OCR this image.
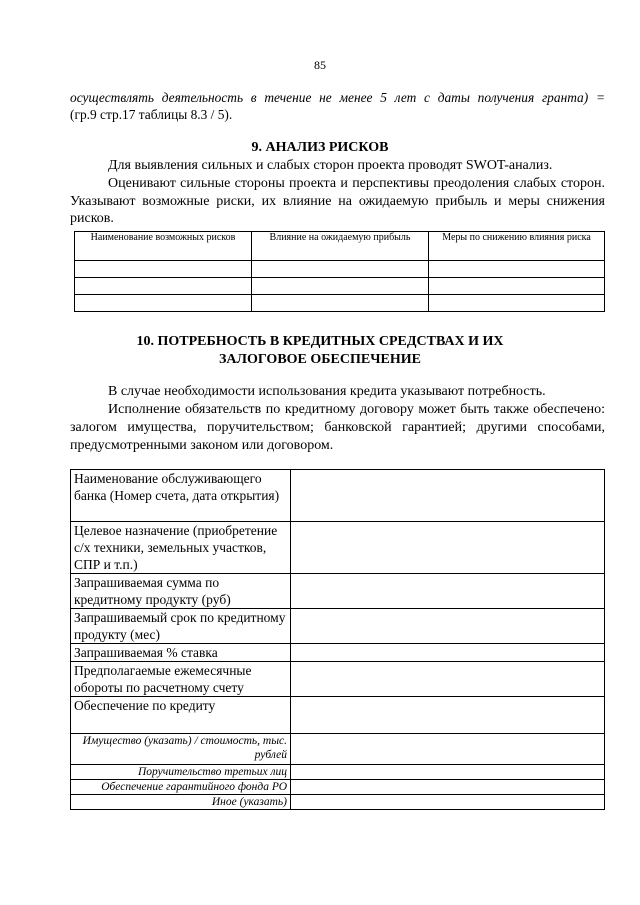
85
осуществлять деятельность в течение не менее 5 лет с даты получения гранта) =
(гр.9 стр.17 таблицы 8.3 / 5).
9. АНАЛИЗ РИСКОВ
Для выявления сильных и слабых сторон проекта проводят SWOT-анализ.
Оценивают сильные стороны проекта и перспективы преодоления слабых сторон. Указывают возможные риски, их влияние на ожидаемую прибыль и меры снижения рисков.
Наименование возможных рисков	Влияние на ожидаемую прибыль	Меры по снижению влияния риска

10. ПОТРЕБНОСТЬ В КРЕДИТНЫХ СРЕДСТВАХ И ИХ
ЗАЛОГОВОЕ ОБЕСПЕЧЕНИЕ
В случае необходимости использования кредита указывают потребность.
Исполнение обязательств по кредитному договору может быть также обеспечено: залогом имущества, поручительством; банковской гарантией; другими способами, предусмотренными законом или договором.
Наименование обслуживающего банка (Номер счета, дата открытия)	
Целевое назначение (приобретение с/х техники, земельных участков, СПР и т.п.)	
Запрашиваемая сумма по кредитному продукту (руб)	
Запрашиваемый срок по кредитному продукту (мес)	
Запрашиваемая % ставка	
Предполагаемые ежемесячные обороты по расчетному счету	
Обеспечение по кредиту	
Имущество (указать) / стоимость, тыс. рублей	
Поручительство третьих лиц	
Обеспечение гарантийного фонда РО	
Иное (указать)	
